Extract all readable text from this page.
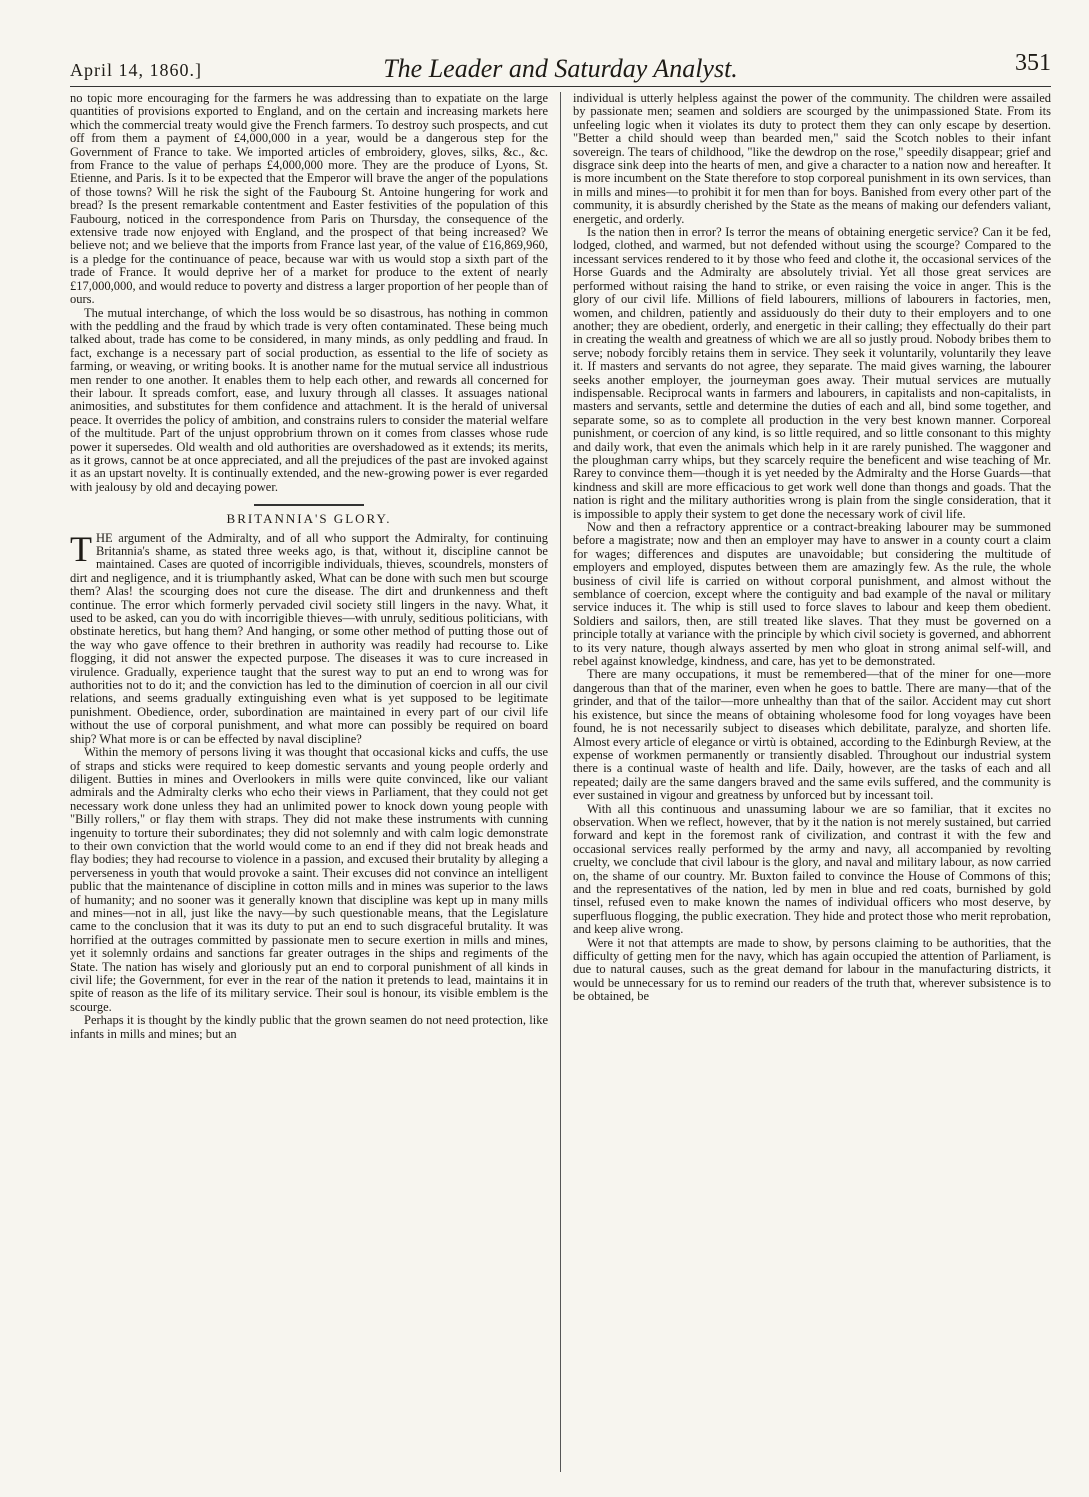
April 14, 1860.]	The Leader and Saturday Analyst.	351

no topic more encouraging for the farmers he was addressing than to expatiate on the large quantities of provisions exported to England, and on the certain and increasing markets here which the commercial treaty would give the French farmers. To destroy such prospects, and cut off from them a payment of £4,000,000 in a year, would be a dangerous step for the Government of France to take. We imported articles of embroidery, gloves, silks, &c., &c. from France to the value of perhaps £4,000,000 more. They are the produce of Lyons, St. Etienne, and Paris. Is it to be expected that the Emperor will brave the anger of the populations of those towns? Will he risk the sight of the Faubourg St. Antoine hungering for work and bread? Is the present remarkable contentment and Easter festivities of the population of this Faubourg, noticed in the correspondence from Paris on Thursday, the consequence of the extensive trade now enjoyed with England, and the prospect of that being increased? We believe not; and we believe that the imports from France last year, of the value of £16,869,960, is a pledge for the continuance of peace, because war with us would stop a sixth part of the trade of France. It would deprive her of a market for produce to the extent of nearly £17,000,000, and would reduce to poverty and distress a larger proportion of her people than of ours.

The mutual interchange, of which the loss would be so disastrous, has nothing in common with the peddling and the fraud by which trade is very often contaminated. These being much talked about, trade has come to be considered, in many minds, as only peddling and fraud. In fact, exchange is a necessary part of social production, as essential to the life of society as farming, or weaving, or writing books. It is another name for the mutual service all industrious men render to one another. It enables them to help each other, and rewards all concerned for their labour. It spreads comfort, ease, and luxury through all classes. It assuages national animosities, and substitutes for them confidence and attachment. It is the herald of universal peace. It overrides the policy of ambition, and constrains rulers to consider the material welfare of the multitude. Part of the unjust opprobrium thrown on it comes from classes whose rude power it supersedes. Old wealth and old authorities are overshadowed as it extends; its merits, as it grows, cannot be at once appreciated, and all the prejudices of the past are invoked against it as an upstart novelty. It is continually extended, and the new-growing power is ever regarded with jealousy by old and decaying power.

BRITANNIA'S GLORY.

THE argument of the Admiralty, and of all who support the Admiralty, for continuing Britannia's shame, as stated three weeks ago, is that, without it, discipline cannot be maintained. Cases are quoted of incorrigible individuals, thieves, scoundrels, monsters of dirt and negligence, and it is triumphantly asked, What can be done with such men but scourge them? Alas! the scourging does not cure the disease. The dirt and drunkenness and theft continue. The error which formerly pervaded civil society still lingers in the navy. What, it used to be asked, can you do with incorrigible thieves—with unruly, seditious politicians, with obstinate heretics, but hang them? And hanging, or some other method of putting those out of the way who gave offence to their brethren in authority was readily had recourse to. Like flogging, it did not answer the expected purpose. The diseases it was to cure increased in virulence. Gradually, experience taught that the surest way to put an end to wrong was for authorities not to do it; and the conviction has led to the diminution of coercion in all our civil relations, and seems gradually extinguishing even what is yet supposed to be legitimate punishment. Obedience, order, subordination are maintained in every part of our civil life without the use of corporal punishment, and what more can possibly be required on board ship? What more is or can be effected by naval discipline?

Within the memory of persons living it was thought that occasional kicks and cuffs, the use of straps and sticks were required to keep domestic servants and young people orderly and diligent. Butties in mines and Overlookers in mills were quite convinced, like our valiant admirals and the Admiralty clerks who echo their views in Parliament, that they could not get necessary work done unless they had an unlimited power to knock down young people with "Billy rollers," or flay them with straps. They did not make these instruments with cunning ingenuity to torture their subordinates; they did not solemnly and with calm logic demonstrate to their own conviction that the world would come to an end if they did not break heads and flay bodies; they had recourse to violence in a passion, and excused their brutality by alleging a perverseness in youth that would provoke a saint. Their excuses did not convince an intelligent public that the maintenance of discipline in cotton mills and in mines was superior to the laws of humanity; and no sooner was it generally known that discipline was kept up in many mills and mines—not in all, just like the navy—by such questionable means, that the Legislature came to the conclusion that it was its duty to put an end to such disgraceful brutality. It was horrified at the outrages committed by passionate men to secure exertion in mills and mines, yet it solemnly ordains and sanctions far greater outrages in the ships and regiments of the State. The nation has wisely and gloriously put an end to corporal punishment of all kinds in civil life; the Government, for ever in the rear of the nation it pretends to lead, maintains it in spite of reason as the life of its military service. Their soul is honour, its visible emblem is the scourge.

Perhaps it is thought by the kindly public that the grown seamen do not need protection, like infants in mills and mines; but an

individual is utterly helpless against the power of the community. The children were assailed by passionate men; seamen and soldiers are scourged by the unimpassioned State. From its unfeeling logic when it violates its duty to protect them they can only escape by desertion. "Better a child should weep than bearded men," said the Scotch nobles to their infant sovereign. The tears of childhood, "like the dewdrop on the rose," speedily disappear; grief and disgrace sink deep into the hearts of men, and give a character to a nation now and hereafter. It is more incumbent on the State therefore to stop corporeal punishment in its own services, than in mills and mines—to prohibit it for men than for boys. Banished from every other part of the community, it is absurdly cherished by the State as the means of making our defenders valiant, energetic, and orderly.

Is the nation then in error? Is terror the means of obtaining energetic service? Can it be fed, lodged, clothed, and warmed, but not defended without using the scourge? Compared to the incessant services rendered to it by those who feed and clothe it, the occasional services of the Horse Guards and the Admiralty are absolutely trivial. Yet all those great services are performed without raising the hand to strike, or even raising the voice in anger. This is the glory of our civil life. Millions of field labourers, millions of labourers in factories, men, women, and children, patiently and assiduously do their duty to their employers and to one another; they are obedient, orderly, and energetic in their calling; they effectually do their part in creating the wealth and greatness of which we are all so justly proud. Nobody bribes them to serve; nobody forcibly retains them in service. They seek it voluntarily, voluntarily they leave it. If masters and servants do not agree, they separate. The maid gives warning, the labourer seeks another employer, the journeyman goes away. Their mutual services are mutually indispensable. Reciprocal wants in farmers and labourers, in capitalists and non-capitalists, in masters and servants, settle and determine the duties of each and all, bind some together, and separate some, so as to complete all production in the very best known manner. Corporeal punishment, or coercion of any kind, is so little required, and so little consonant to this mighty and daily work, that even the animals which help in it are rarely punished. The waggoner and the ploughman carry whips, but they scarcely require the beneficent and wise teaching of Mr. Rarey to convince them—though it is yet needed by the Admiralty and the Horse Guards—that kindness and skill are more efficacious to get work well done than thongs and goads. That the nation is right and the military authorities wrong is plain from the single consideration, that it is impossible to apply their system to get done the necessary work of civil life.

Now and then a refractory apprentice or a contract-breaking labourer may be summoned before a magistrate; now and then an employer may have to answer in a county court a claim for wages; differences and disputes are unavoidable; but considering the multitude of employers and employed, disputes between them are amazingly few. As the rule, the whole business of civil life is carried on without corporal punishment, and almost without the semblance of coercion, except where the contiguity and bad example of the naval or military service induces it. The whip is still used to force slaves to labour and keep them obedient. Soldiers and sailors, then, are still treated like slaves. That they must be governed on a principle totally at variance with the principle by which civil society is governed, and abhorrent to its very nature, though always asserted by men who gloat in strong animal self-will, and rebel against knowledge, kindness, and care, has yet to be demonstrated.

There are many occupations, it must be remembered—that of the miner for one—more dangerous than that of the mariner, even when he goes to battle. There are many—that of the grinder, and that of the tailor—more unhealthy than that of the sailor. Accident may cut short his existence, but since the means of obtaining wholesome food for long voyages have been found, he is not necessarily subject to diseases which debilitate, paralyze, and shorten life. Almost every article of elegance or virtù is obtained, according to the Edinburgh Review, at the expense of workmen permanently or transiently disabled. Throughout our industrial system there is a continual waste of health and life. Daily, however, are the tasks of each and all repeated; daily are the same dangers braved and the same evils suffered, and the community is ever sustained in vigour and greatness by unforced but by incessant toil.

With all this continuous and unassuming labour we are so familiar, that it excites no observation. When we reflect, however, that by it the nation is not merely sustained, but carried forward and kept in the foremost rank of civilization, and contrast it with the few and occasional services really performed by the army and navy, all accompanied by revolting cruelty, we conclude that civil labour is the glory, and naval and military labour, as now carried on, the shame of our country. Mr. Buxton failed to convince the House of Commons of this; and the representatives of the nation, led by men in blue and red coats, burnished by gold tinsel, refused even to make known the names of individual officers who most deserve, by superfluous flogging, the public execration. They hide and protect those who merit reprobation, and keep alive wrong.

Were it not that attempts are made to show, by persons claiming to be authorities, that the difficulty of getting men for the navy, which has again occupied the attention of Parliament, is due to natural causes, such as the great demand for labour in the manufacturing districts, it would be unnecessary for us to remind our readers of the truth that, wherever subsistence is to be obtained, be
